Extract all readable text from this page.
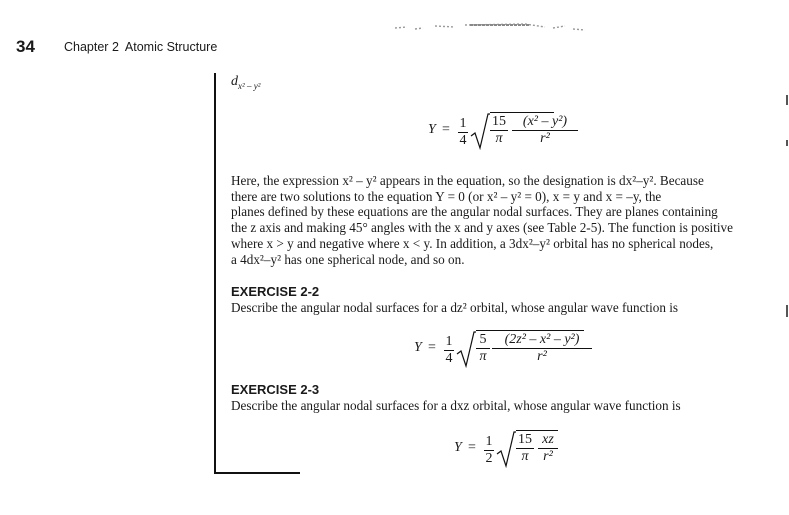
34 Chapter 2 Atomic Structure
$d_{x^2 - y^2}$
$Y = \frac{1}{4} \frac{15}{\pi} \frac{\text{(x² – y²)}}{\text{r²}}$

Here, the expression x² – y² appears in the equation, so the designation is dx²–y². Because

there are two solutions to the equation Y = 0 (or x² – y² = 0), x = y and x = –y, the

planes defined by these equations are the angular nodal surfaces. They are planes containing

the z axis and making 45° angles with the x and y axes (see Table 2-5). The function is positive

where x > y and negative where x < y. In addition, a 3dx²–y² orbital has no spherical nodes,

a 4dx²–y² has one spherical node, and so on.

EXERCISE 2-2
Describe the angular nodal surfaces for a dz² orbital, whose angular wave function is
$Y = \frac{1}{4} \frac{5}{\pi} \frac{\text{(2z² – x² – y²)}}{\text{r²}}$
EXERCISE 2-3
Describe the angular nodal surfaces for a dxz orbital, whose angular wave function is
$Y = \frac{1}{2} \frac{15}{\pi} \frac{xz}{\text{r²}}$
